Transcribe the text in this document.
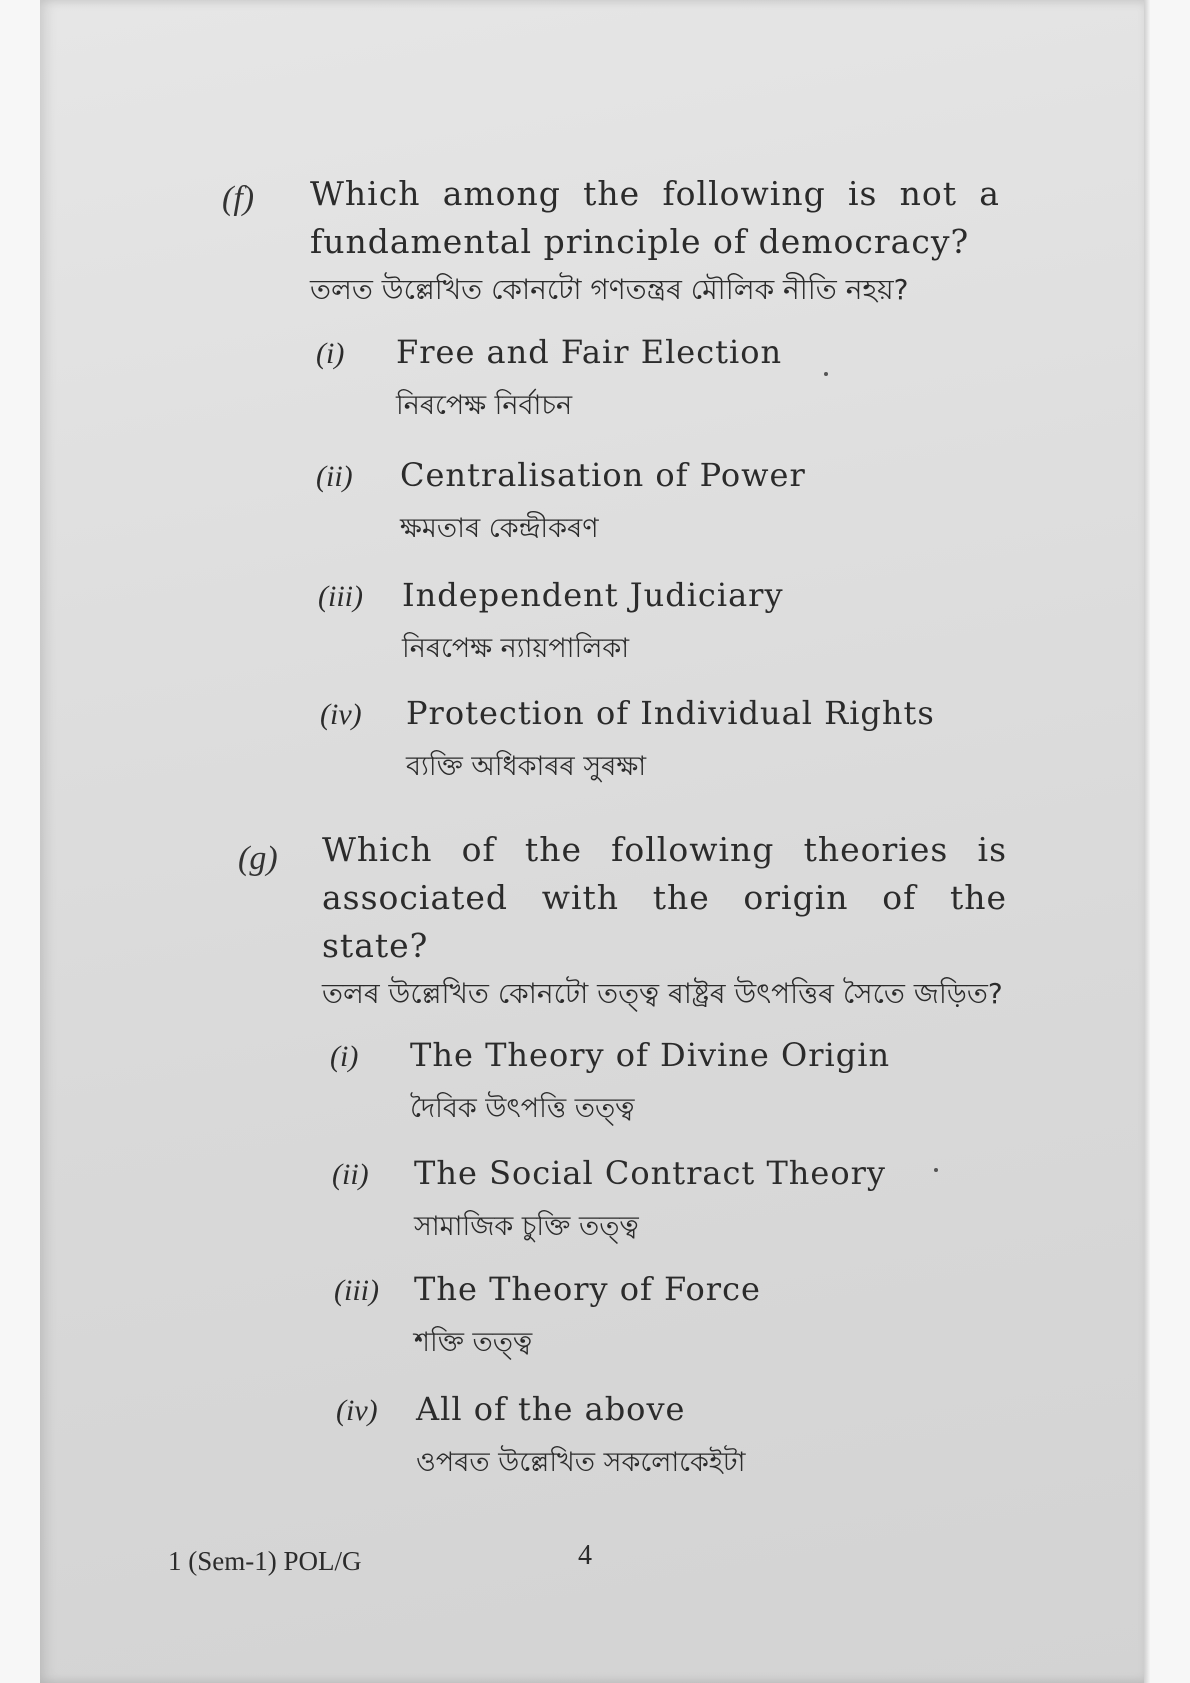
(f) Which among the following is not a fundamental principle of democracy?
তলত উল্লেখিত কোনটো গণতন্ত্রৰ মৌলিক নীতি নহয়?
(i) Free and Fair Election
নিৰপেক্ষ নিৰ্বাচন
(ii) Centralisation of Power
ক্ষমতাৰ কেন্দ্ৰীকৰণ
(iii) Independent Judiciary
নিৰপেক্ষ ন্যায়পালিকা
(iv) Protection of Individual Rights
ব্যক্তি অধিকাৰৰ সুৰক্ষা
(g) Which of the following theories is associated with the origin of the state?
তলৰ উল্লেখিত কোনটো তত্ত্ব ৰাষ্ট্ৰৰ উৎপত্তিৰ সৈতে জড়িত?
(i) The Theory of Divine Origin
দৈবিক উৎপত্তি তত্ত্ব
(ii) The Social Contract Theory
সামাজিক চুক্তি তত্ত্ব
(iii) The Theory of Force
শক্তি তত্ত্ব
(iv) All of the above
ওপৰত উল্লেখিত সকলোকেইটা
1 (Sem-1) POL/G	4
